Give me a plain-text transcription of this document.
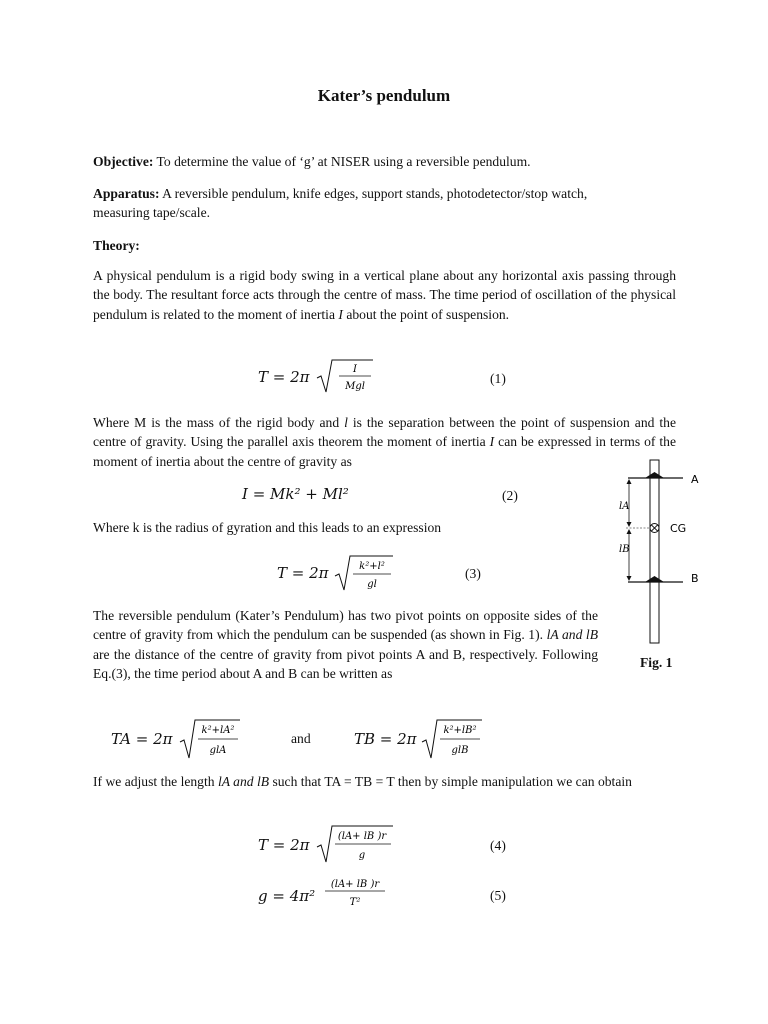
Kater’s pendulum
Objective: To determine the value of ‘g’ at NISER using a reversible pendulum.
Apparatus: A reversible pendulum, knife edges, support stands, photodetector/stop watch,
measuring tape/scale.
Theory:
A physical pendulum is a rigid body swing in a vertical plane about any horizontal axis passing through the body. The resultant force acts through the centre of mass. The time period of oscillation of the physical pendulum is related to the moment of inertia I about the point of suspension.
T = 2π	I
Mgl
(1)
Where M is the mass of the rigid body and l is the separation between the point of suspension and the centre of gravity. Using the parallel axis theorem the moment of inertia I can be expressed in terms of the moment of inertia about the centre of gravity as
I = Mk² + Ml²	(2)
Where k is the radius of gyration and this leads to an expression
T = 2π	k²+l²
gl
(3)
The reversible pendulum (Kater’s Pendulum) has two pivot points on opposite sides of the centre of gravity from which the pendulum can be suspended (as shown in Fig. 1). lA and lB are the distance of the centre of gravity from pivot points A and B, respectively. Following Eq.(3), the time period about A and B can be written as
TA = 2π	k²+lA²
glA
and	TB = 2π	k²+lB²
glB
If we adjust the length lA and lB such that TA = TB = T then by simple manipulation we can obtain
T = 2π	(lA+ lB )r
g
(4)
g = 4π²
(lA+ lB )r
T²	(5)
A
B
CG
lA
lB
Fig. 1
